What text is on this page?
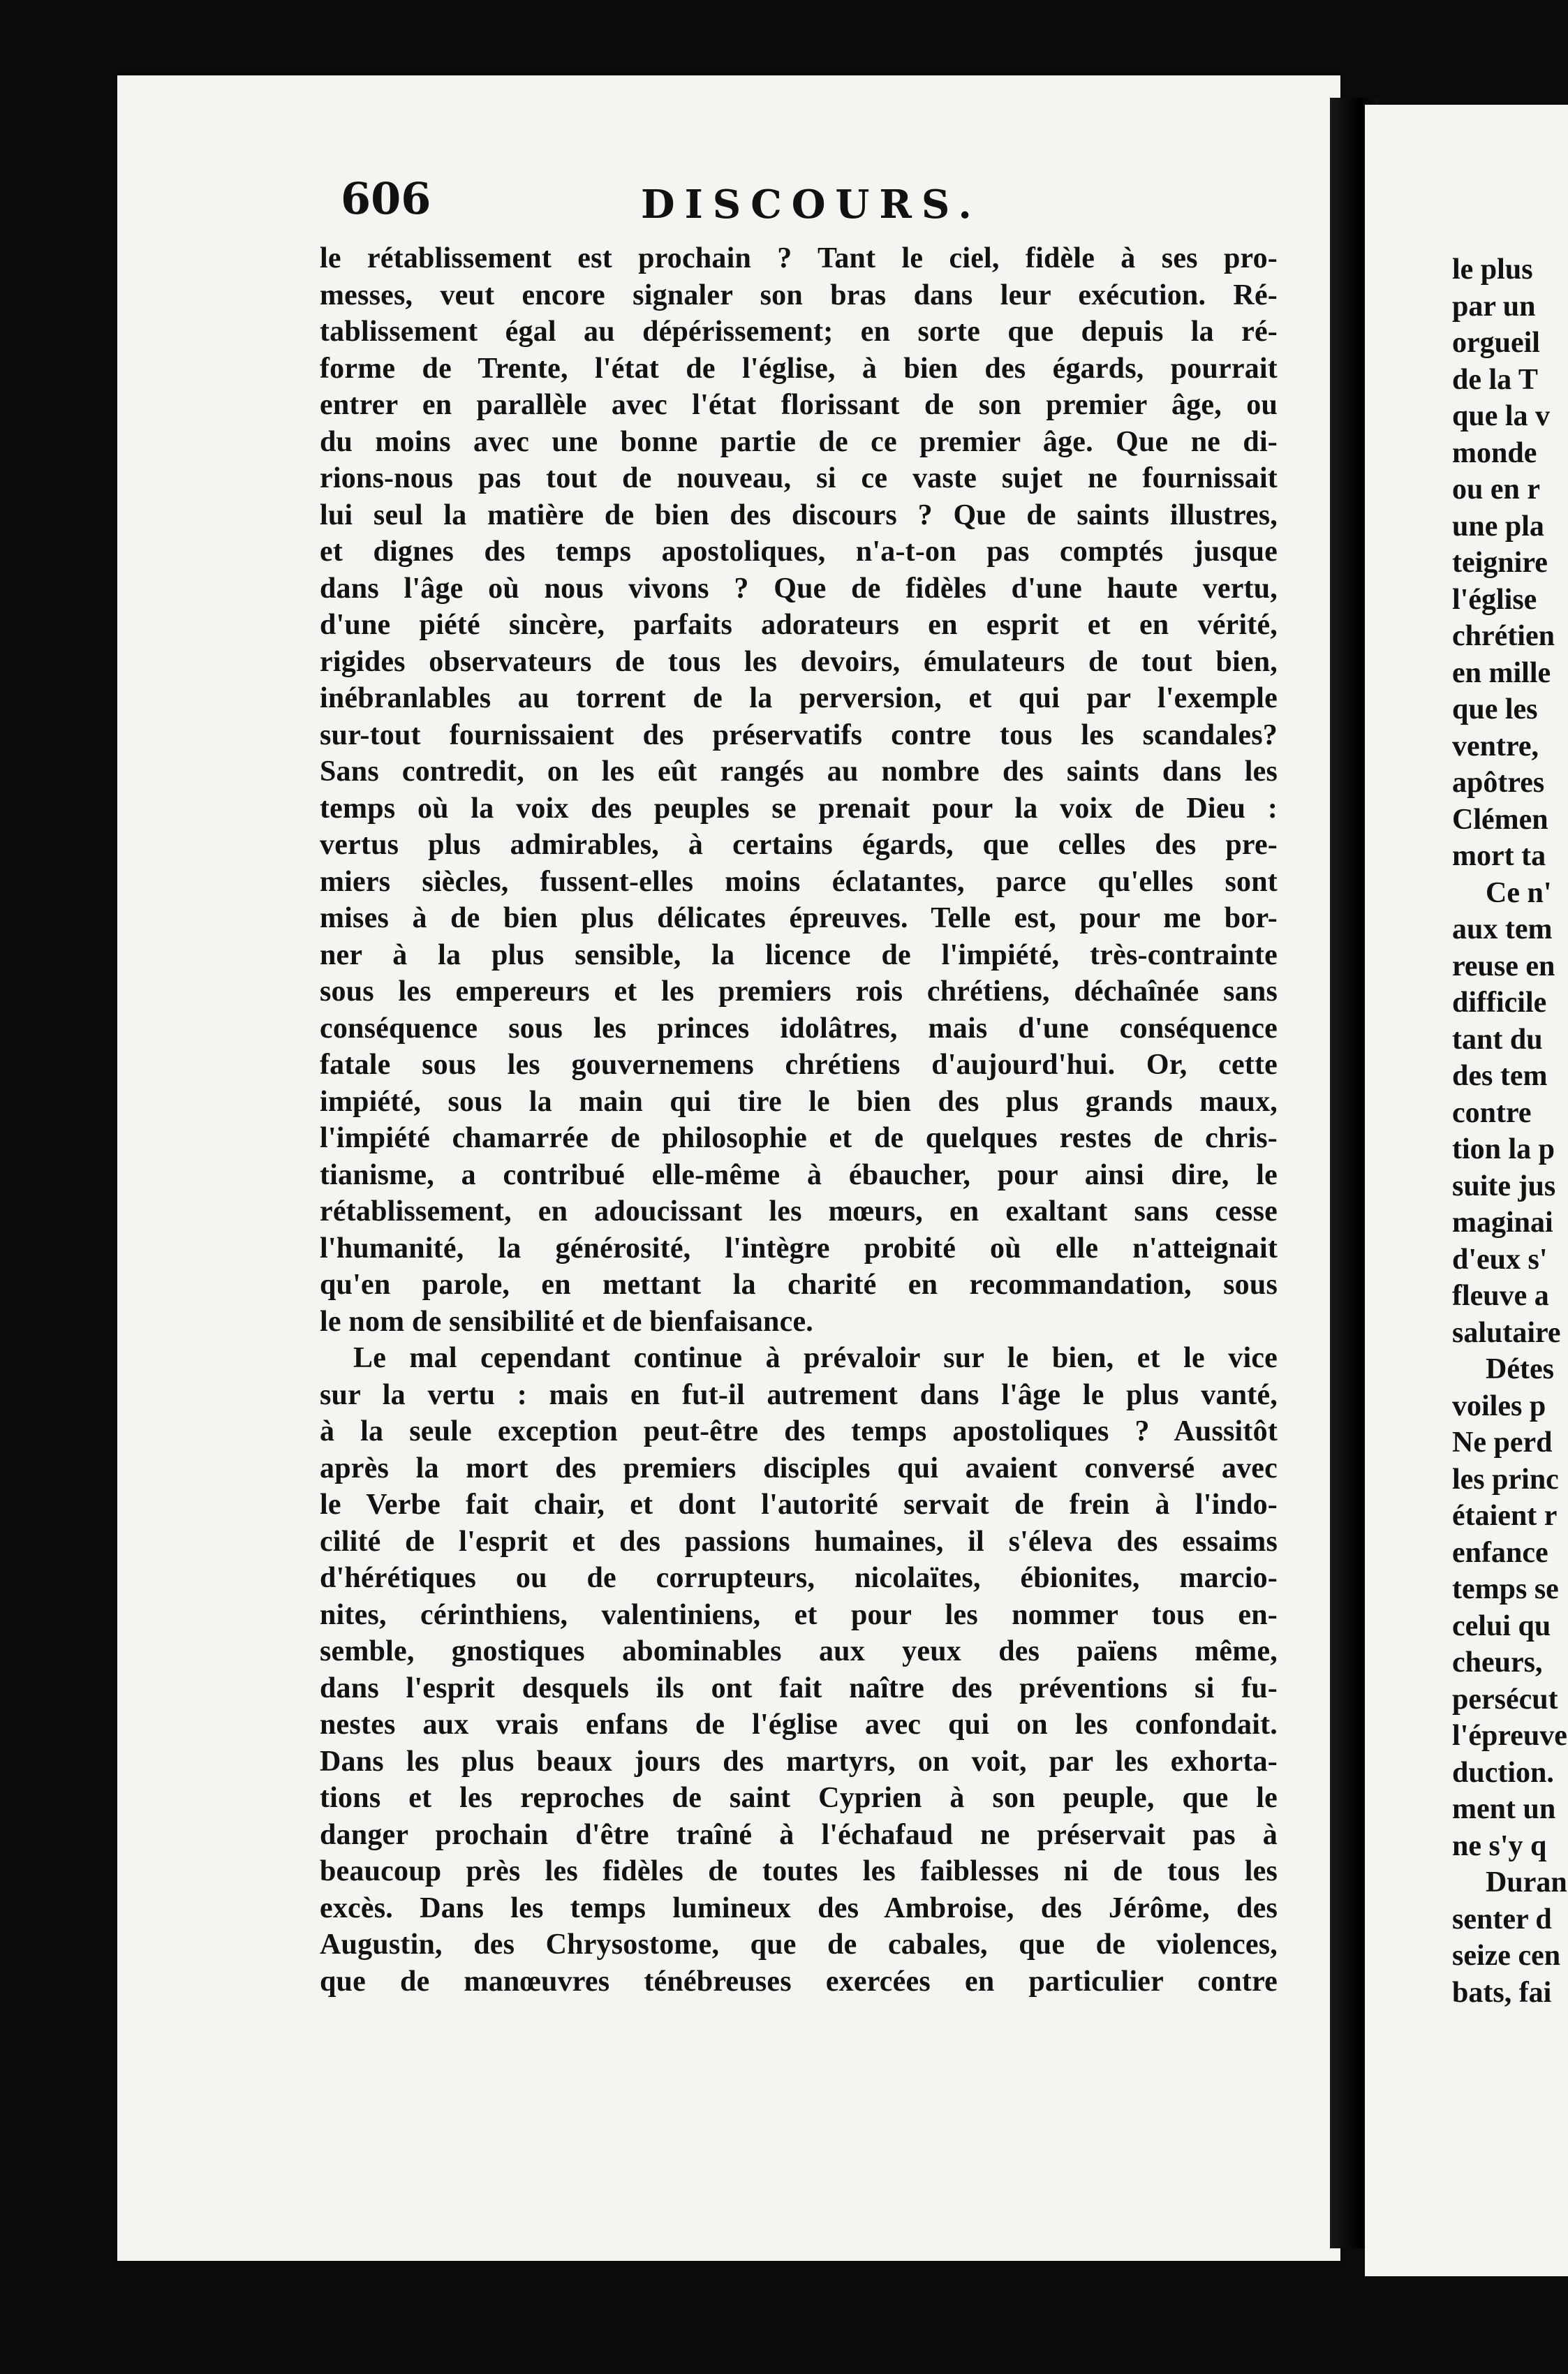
606	DISCOURS.

le rétablissement est prochain ? Tant le ciel, fidèle à ses pro-
messes, veut encore signaler son bras dans leur exécution. Ré-
tablissement égal au dépérissement; en sorte que depuis la ré-
forme de Trente, l'état de l'église, à bien des égards, pourrait
entrer en parallèle avec l'état florissant de son premier âge, ou
du moins avec une bonne partie de ce premier âge. Que ne di-
rions-nous pas tout de nouveau, si ce vaste sujet ne fournissait
lui seul la matière de bien des discours ? Que de saints illustres,
et dignes des temps apostoliques, n'a-t-on pas comptés jusque
dans l'âge où nous vivons ? Que de fidèles d'une haute vertu,
d'une piété sincère, parfaits adorateurs en esprit et en vérité,
rigides observateurs de tous les devoirs, émulateurs de tout bien,
inébranlables au torrent de la perversion, et qui par l'exemple
sur-tout fournissaient des préservatifs contre tous les scandales?
Sans contredit, on les eût rangés au nombre des saints dans les
temps où la voix des peuples se prenait pour la voix de Dieu :
vertus plus admirables, à certains égards, que celles des pre-
miers siècles, fussent-elles moins éclatantes, parce qu'elles sont
mises à de bien plus délicates épreuves. Telle est, pour me bor-
ner à la plus sensible, la licence de l'impiété, très-contrainte
sous les empereurs et les premiers rois chrétiens, déchaînée sans
conséquence sous les princes idolâtres, mais d'une conséquence
fatale sous les gouvernemens chrétiens d'aujourd'hui. Or, cette
impiété, sous la main qui tire le bien des plus grands maux,
l'impiété chamarrée de philosophie et de quelques restes de chris-
tianisme, a contribué elle-même à ébaucher, pour ainsi dire, le
rétablissement, en adoucissant les mœurs, en exaltant sans cesse
l'humanité, la générosité, l'intègre probité où elle n'atteignait
qu'en parole, en mettant la charité en recommandation, sous
le nom de sensibilité et de bienfaisance.
Le mal cependant continue à prévaloir sur le bien, et le vice
sur la vertu : mais en fut-il autrement dans l'âge le plus vanté,
à la seule exception peut-être des temps apostoliques ? Aussitôt
après la mort des premiers disciples qui avaient conversé avec
le Verbe fait chair, et dont l'autorité servait de frein à l'indo-
cilité de l'esprit et des passions humaines, il s'éleva des essaims
d'hérétiques ou de corrupteurs, nicolaïtes, ébionites, marcio-
nites, cérinthiens, valentiniens, et pour les nommer tous en-
semble, gnostiques abominables aux yeux des païens même,
dans l'esprit desquels ils ont fait naître des préventions si fu-
nestes aux vrais enfans de l'église avec qui on les confondait.
Dans les plus beaux jours des martyrs, on voit, par les exhorta-
tions et les reproches de saint Cyprien à son peuple, que le
danger prochain d'être traîné à l'échafaud ne préservait pas à
beaucoup près les fidèles de toutes les faiblesses ni de tous les
excès. Dans les temps lumineux des Ambroise, des Jérôme, des
Augustin, des Chrysostome, que de cabales, que de violences,
que de manœuvres ténébreuses exercées en particulier contre
le plus
par un
orgueil
de la T
que la v
monde
ou en r
une pla
teignire
l'église
chrétien
en mille
que les
ventre,
apôtres
Clémen
mort ta
Ce n'
aux tem
reuse en
difficile
tant du
des tem
contre
tion la p
suite jus
maginai
d'eux s'
fleuve a
salutaire
Détes
voiles p
Ne perd
les princ
étaient r
enfance
temps se
celui qu
cheurs,
persécut
l'épreuve
duction.
ment un
ne s'y q
Duran
senter d
seize cen
bats, fai
